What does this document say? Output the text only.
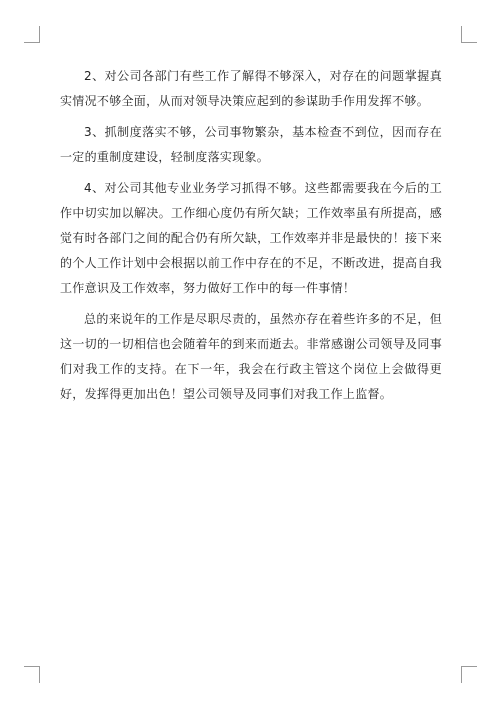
2、对公司各部门有些工作了解得不够深入，对存在的问题掌握真实情况不够全面，从而对领导决策应起到的参谋助手作用发挥不够。

3、抓制度落实不够，公司事物繁杂，基本检查不到位，因而存在一定的重制度建设，轻制度落实现象。

4、对公司其他专业业务学习抓得不够。这些都需要我在今后的工作中切实加以解决。工作细心度仍有所欠缺；工作效率虽有所提高，感觉有时各部门之间的配合仍有所欠缺，工作效率并非是最快的！接下来的个人工作计划中会根据以前工作中存在的不足，不断改进，提高自我工作意识及工作效率，努力做好工作中的每一件事情！

总的来说年的工作是尽职尽责的，虽然亦存在着些许多的不足，但这一切的一切相信也会随着年的到来而逝去。非常感谢公司领导及同事们对我工作的支持。在下一年，我会在行政主管这个岗位上会做得更好，发挥得更加出色！望公司领导及同事们对我工作上监督。
